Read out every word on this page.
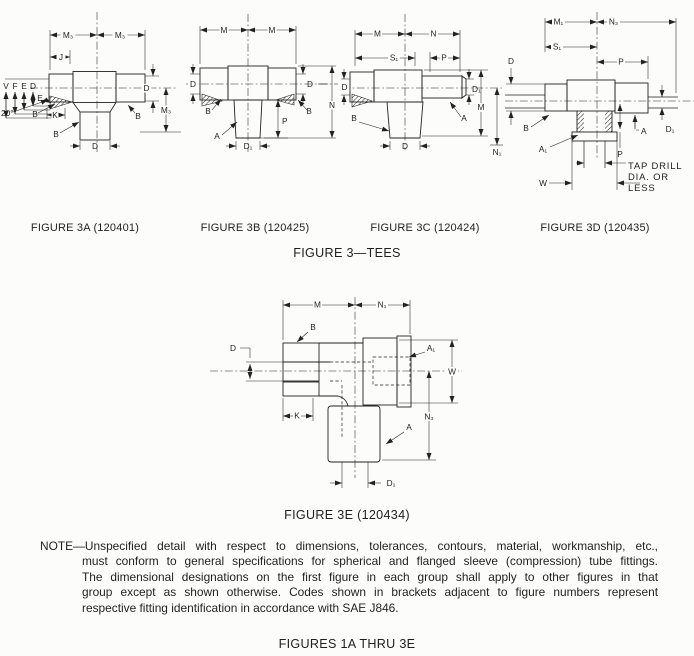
M₃	M₃
J
V F E D
E
20° B K
B
D
D
M₃
B
M	M
D
B
A
D₁
P
D
B
N
M	N
S₁	P
D
B	A
D₁
M
N₁
D
M₁	N₃
S₁
P
D
B
A₁
A D₁
P
W
TAP DRILL
DIA. OR
LESS
M	N₁
B
D	A₁
W
K	N₃
A
D₁
FIGURE 3A (120401)	FIGURE 3B (120425)	FIGURE 3C (120424)	FIGURE 3D (120435)
FIGURE 3—TEES
FIGURE 3E (120434)
NOTE—Unspecified detail with respect to dimensions, tolerances, contours, material, workmanship, etc.,
must conform to general specifications for spherical and flanged sleeve (compression) tube fittings.
The dimensional designations on the first figure in each group shall apply to other figures in that
group except as shown otherwise. Codes shown in brackets adjacent to figure numbers represent
respective fitting identification in accordance with SAE J846.
FIGURES 1A THRU 3E
